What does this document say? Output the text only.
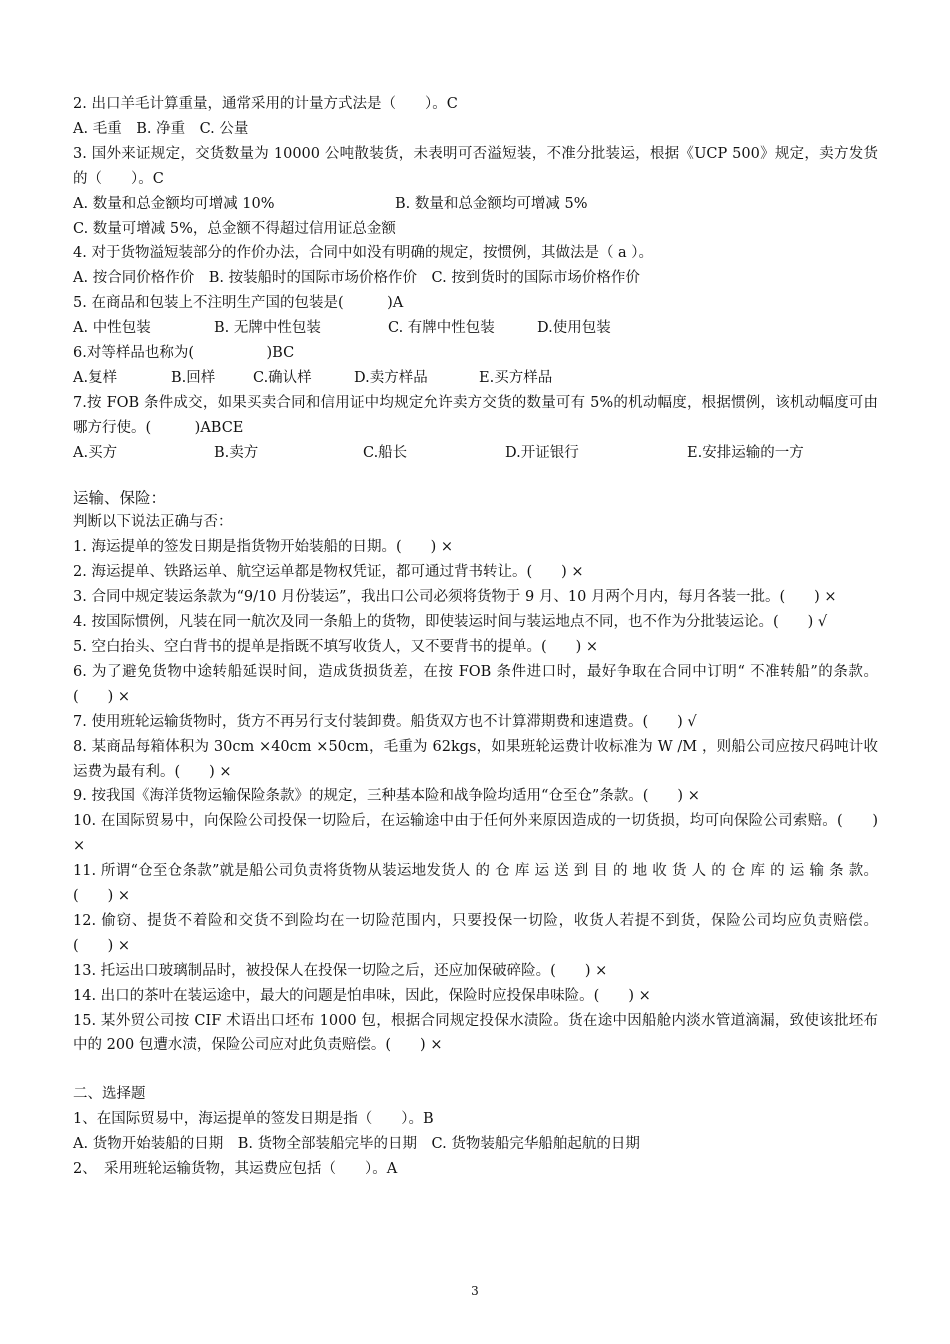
2. 出口羊毛计算重量，通常采用的计量方式法是（　　）。C
A. 毛重　B. 净重　C. 公量
3. 国外来证规定，交货数量为 10000 公吨散装货，未表明可否溢短装，不准分批装运，根据《UCP 500》规定，卖方发货的（　　）。C
A. 数量和总金额均可增减 10%	B. 数量和总金额均可增减 5%
C. 数量可增减 5%，总金额不得超过信用证总金额
4. 对于货物溢短装部分的作价办法，合同中如没有明确的规定，按惯例，其做法是（ a ）。
A. 按合同价格作价　B. 按装船时的国际市场价格作价　C. 按到货时的国际市场价格作价
5. 在商品和包装上不注明生产国的包装是(　　　)A
A. 中性包装	B. 无牌中性包装	C. 有牌中性包装	D.使用包装
6.对等样品也称为(　　　　　)BC
A.复样	B.回样	C.确认样	D.卖方样品	E.买方样品
7.按 FOB 条件成交，如果买卖合同和信用证中均规定允许卖方交货的数量可有 5%的机动幅度，根据惯例，该机动幅度可由哪方行使。(　　　)ABCE
A.买方	B.卖方	C.船长	D.开证银行	E.安排运输的一方
运输、保险：
判断以下说法正确与否：
1. 海运提单的签发日期是指货物开始装船的日期。(　　) ×
2. 海运提单、铁路运单、航空运单都是物权凭证，都可通过背书转让。(　　) ×
3. 合同中规定装运条款为“9/10 月份装运”，我出口公司必须将货物于 9 月、10 月两个月内，每月各装一批。(　　) ×
4. 按国际惯例，凡装在同一航次及同一条船上的货物，即使装运时间与装运地点不同，也不作为分批装运论。(　　) √
5. 空白抬头、空白背书的提单是指既不填写收货人，又不要背书的提单。(　　) ×
6. 为了避免货物中途转船延误时间，造成货损货差，在按 FOB 条件进口时，最好争取在合同中订明“ 不准转船”的条款。(　　) ×
7. 使用班轮运输货物时，货方不再另行支付装卸费。船货双方也不计算滞期费和速遣费。(　　) √
8. 某商品每箱体积为 30cm ×40cm ×50cm，毛重为 62kgs，如果班轮运费计收标准为 W /M ，则船公司应按尺码吨计收运费为最有利。(　　) ×
9. 按我国《海洋货物运输保险条款》的规定，三种基本险和战争险均适用“仓至仓”条款。(　　) ×
10. 在国际贸易中，向保险公司投保一切险后，在运输途中由于任何外来原因造成的一切货损，均可向保险公司索赔。(　　) ×
11. 所谓“仓至仓条款”就是船公司负责将货物从装运地发货人 的 仓 库 运 送 到 目 的 地 收 货 人 的 仓 库 的 运 输 条 款。(　　) ×
12. 偷窃、提货不着险和交货不到险均在一切险范围内，只要投保一切险，收货人若提不到货，保险公司均应负责赔偿。(　　) ×
13. 托运出口玻璃制品时，被投保人在投保一切险之后，还应加保破碎险。(　　) ×
14. 出口的茶叶在装运途中，最大的问题是怕串味，因此，保险时应投保串味险。(　　) ×
15. 某外贸公司按 CIF 术语出口坯布 1000 包，根据合同规定投保水渍险。货在途中因船舱内淡水管道滴漏，致使该批坯布中的 200 包遭水渍，保险公司应对此负责赔偿。(　　) ×
二、选择题
1、在国际贸易中，海运提单的签发日期是指（　　）。B
A. 货物开始装船的日期　B. 货物全部装船完毕的日期　C. 货物装船完华船舶起航的日期
2、　采用班轮运输货物，其运费应包括（　　）。A
3
